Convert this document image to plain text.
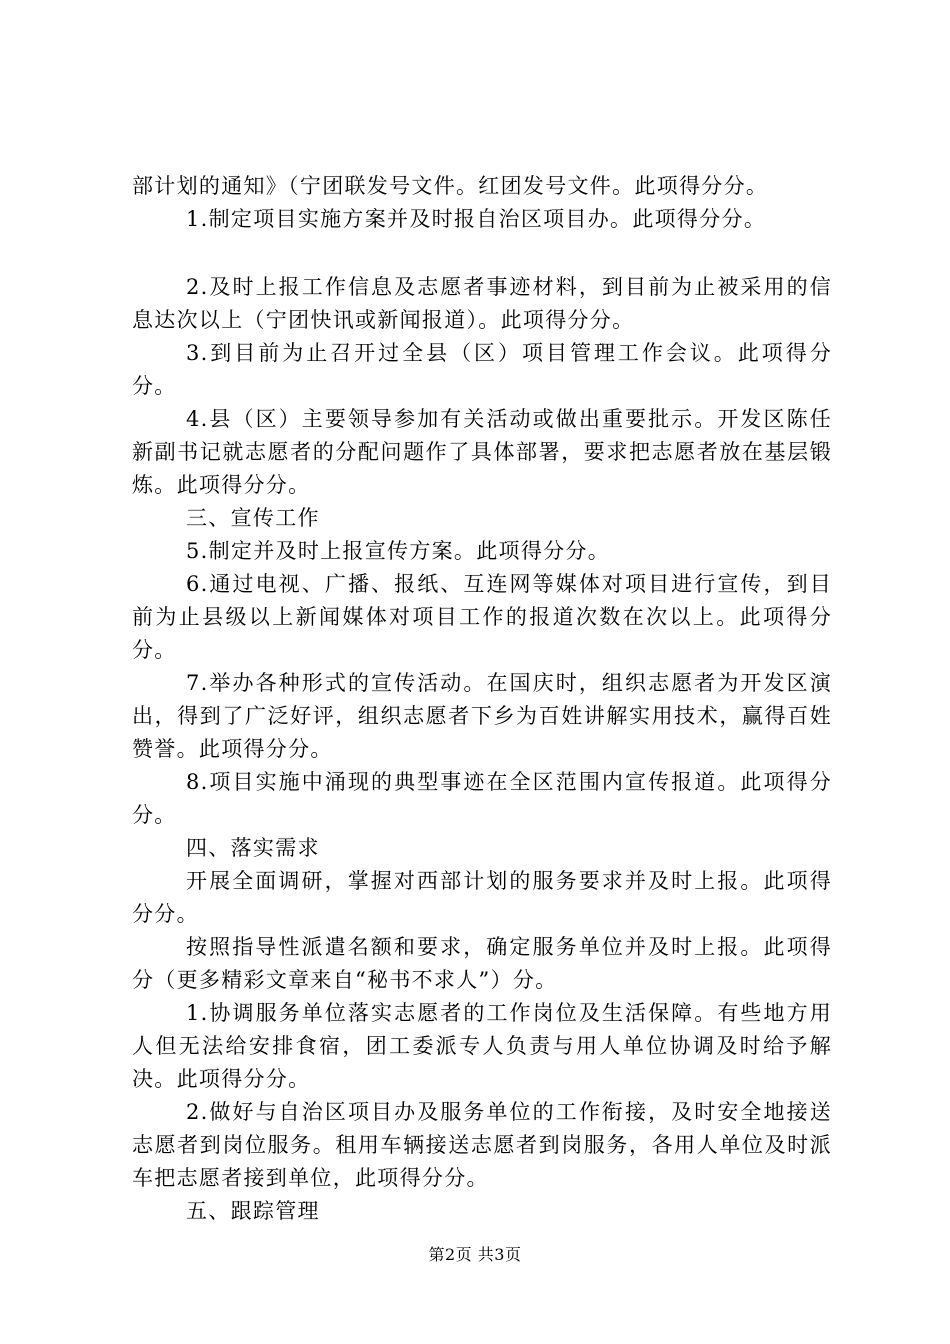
部计划的通知》（宁团联发号文件。红团发号文件。此项得分分。

1.制定项目实施方案并及时报自治区项目办。此项得分分。

2.及时上报工作信息及志愿者事迹材料，到目前为止被采用的信息达次以上（宁团快讯或新闻报道）。此项得分分。

3.到目前为止召开过全县（区）项目管理工作会议。此项得分分。

4.县（区）主要领导参加有关活动或做出重要批示。开发区陈任新副书记就志愿者的分配问题作了具体部署，要求把志愿者放在基层锻炼。此项得分分。

三、宣传工作

5.制定并及时上报宣传方案。此项得分分。

6.通过电视、广播、报纸、互连网等媒体对项目进行宣传，到目前为止县级以上新闻媒体对项目工作的报道次数在次以上。此项得分分。

7.举办各种形式的宣传活动。在国庆时，组织志愿者为开发区演出，得到了广泛好评，组织志愿者下乡为百姓讲解实用技术，赢得百姓赞誉。此项得分分。

8.项目实施中涌现的典型事迹在全区范围内宣传报道。此项得分分。

四、落实需求

开展全面调研，掌握对西部计划的服务要求并及时上报。此项得分分。

按照指导性派遣名额和要求，确定服务单位并及时上报。此项得分（更多精彩文章来自“秘书不求人”）分。

1.协调服务单位落实志愿者的工作岗位及生活保障。有些地方用人但无法给安排食宿，团工委派专人负责与用人单位协调及时给予解决。此项得分分。

2.做好与自治区项目办及服务单位的工作衔接，及时安全地接送志愿者到岗位服务。租用车辆接送志愿者到岗服务，各用人单位及时派车把志愿者接到单位，此项得分分。

五、跟踪管理

第2页 共3页
